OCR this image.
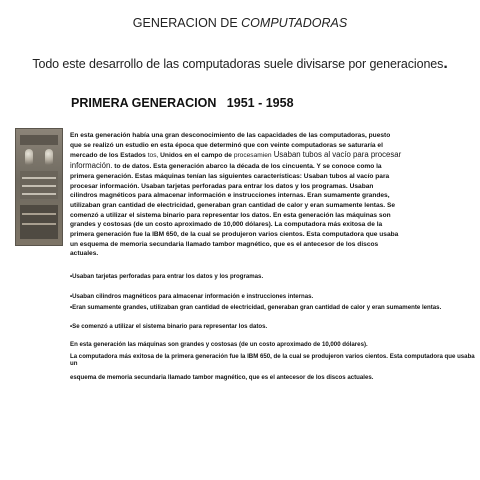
GENERACION DE COMPUTADORAS
Todo este desarrollo de las computadoras suele divisarse por generaciones.
PRIMERA GENERACION   1951 - 1958
En esta generación había una gran desconocimiento de las capacidades de las computadoras, puesto que se realizó un estudio en esta época que determinó que con veinte computadoras se saturaría el mercado de los Estados tos, Unidos en el campo de procesamien Usaban tubos al vacío para procesar información. to de datos. Esta generación abarco la década de los cincuenta. Y se conoce como la primera generación. Estas máquinas tenían las siguientes características: Usaban tubos al vacío para procesar información. Usaban tarjetas perforadas para entrar los datos y los programas. Usaban cilindros magnéticos para almacenar información e instrucciones internas. Eran sumamente grandes, utilizaban gran cantidad de electricidad, generaban gran cantidad de calor y eran sumamente lentas. Se comenzó a utilizar el sistema binario para representar los datos. En esta generación las máquinas son grandes y costosas (de un costo aproximado de 10,000 dólares). La computadora más exitosa de la primera generación fue la IBM 650, de la cual se produjeron varios cientos. Esta computadora que usaba un esquema de memoria secundaria llamado tambor magnético, que es el antecesor de los discos actuales.
•Usaban tarjetas perforadas para entrar los datos y los programas.
•Usaban cilindros magnéticos para almacenar información e instrucciones internas.
•Eran sumamente grandes, utilizaban gran cantidad de electricidad, generaban gran cantidad de calor y eran sumamente lentas.
•Se comenzó a utilizar el sistema binario para representar los datos.
En esta generación las máquinas son grandes y costosas (de un costo aproximado de 10,000 dólares).
La computadora más exitosa de la primera generación fue la IBM 650, de la cual se produjeron varios cientos. Esta computadora que usaba un
esquema de memoria secundaria llamado tambor magnético, que es el antecesor de los discos actuales.
